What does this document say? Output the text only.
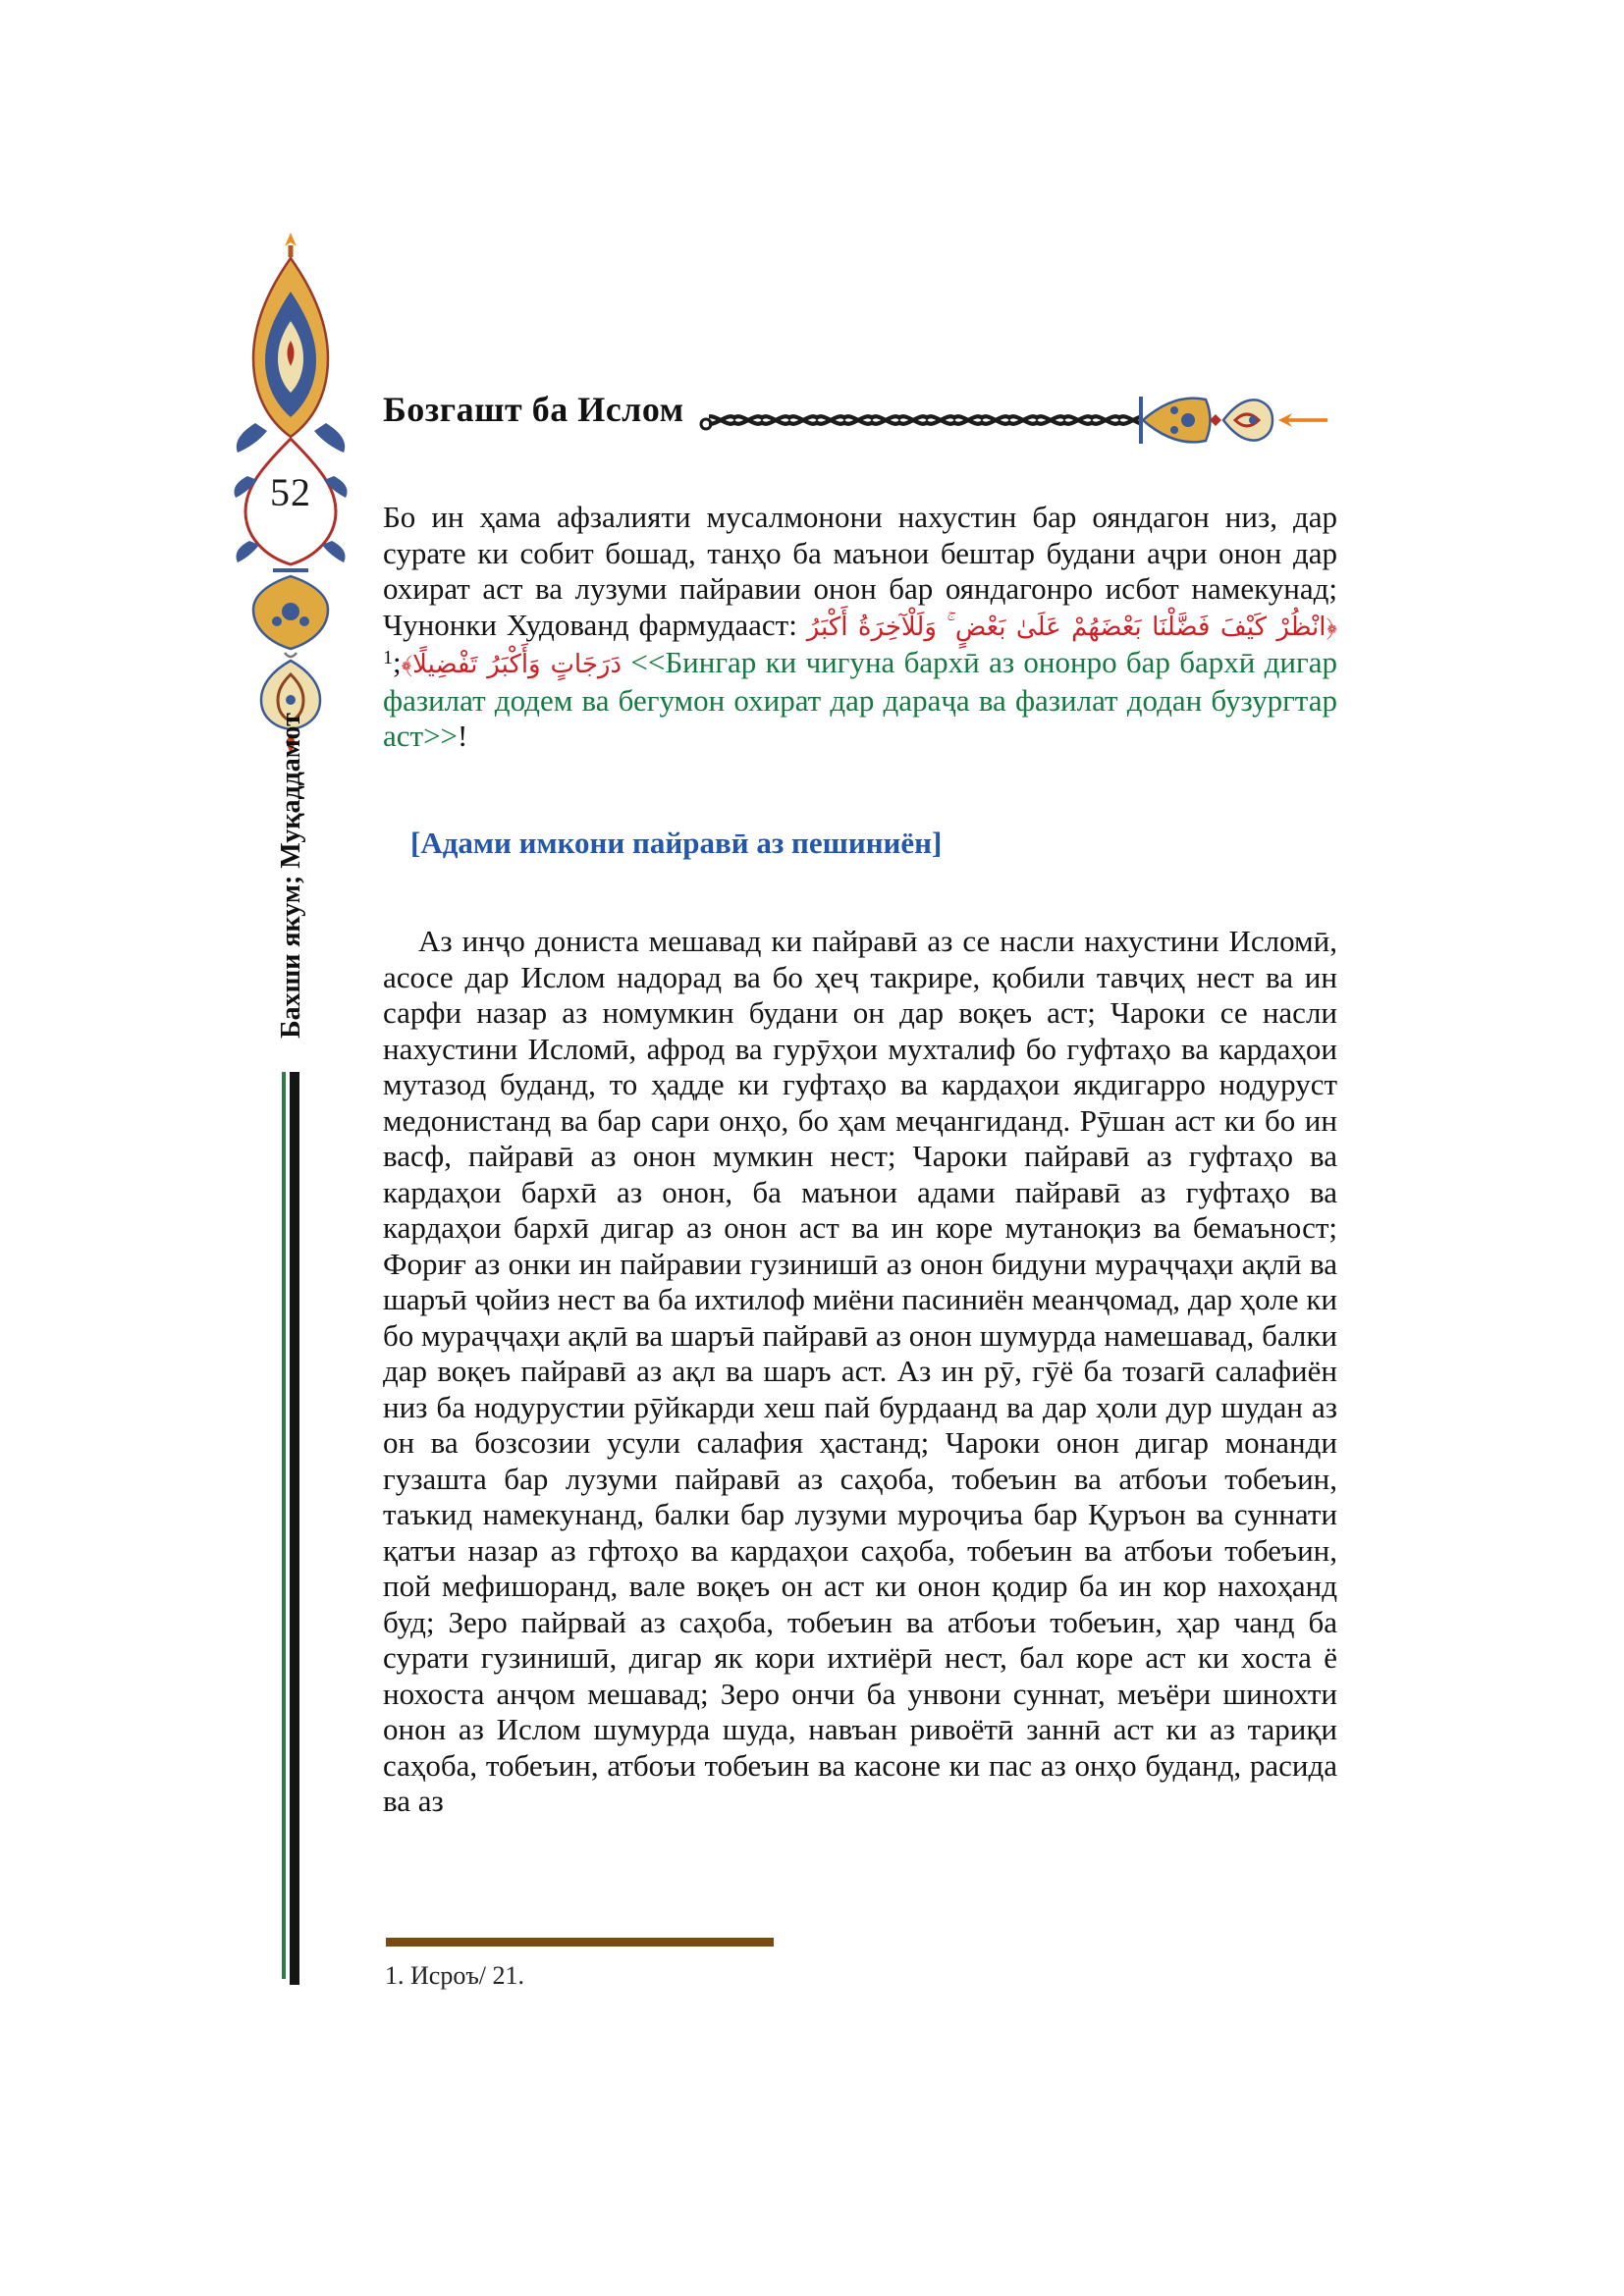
52
Бахши якум; Муқаддамот
Бозгашт ба Ислом

Бо ин ҳама афзалияти мусалмонони нахустин бар ояндагон низ, дар сурате ки собит бошад, танҳо ба маънои бештар будани аҷри онон дар охират аст ва лузуми пайравии онон бар ояндагонро исбот намекунад; Чунонки Худованд фармудааст: ﴿انْظُرْ كَيْفَ فَضَّلْنَا بَعْضَهُمْ عَلَىٰ بَعْضٍ ۚ وَلَلْآخِرَةُ أَكْبَرُ دَرَجَاتٍ وَأَكْبَرُ تَفْضِيلًا﴾;$^1$	<<Бингар ки чигуна бархӣ аз ононро бар бархӣ дигар фазилат додем ва бегумон охират дар дараҷа ва фазилат додан бузургтар аст>>!

[Адами имкони пайравӣ аз пешиниён]

Аз инҷо дониста мешавад ки пайравӣ аз се насли нахустини Исломӣ, асосе дар Ислом надорад ва бо ҳеҷ такрире, қобили тавҷиҳ нест ва ин сарфи назар аз номумкин будани он дар воқеъ аст; Чароки се насли нахустини Исломӣ, афрод ва гурӯҳои мухталиф бо гуфтаҳо ва кардаҳои мутазод буданд, то ҳадде ки гуфтаҳо ва кардаҳои якдигарро нодуруст медонистанд ва бар сари онҳо, бо ҳам меҷангиданд. Рӯшан аст ки бо ин васф, пайравӣ аз онон мумкин нест; Чароки пайравӣ аз гуфтаҳо ва кардаҳои бархӣ аз онон, ба маънои адами пайравӣ аз гуфтаҳо ва кардаҳои бархӣ дигар аз онон аст ва ин коре мутаноқиз ва бемаъност; Фориғ аз онки ин пайравии гузинишӣ аз онон бидуни мураҷҷаҳи ақлӣ ва шаръӣ ҷойиз нест ва ба ихтилоф миёни пасиниён меанҷомад, дар ҳоле ки бо мураҷҷаҳи ақлӣ ва шаръӣ пайравӣ аз онон шумурда намешавад, балки дар воқеъ пайравӣ аз ақл ва шаръ аст. Аз ин рӯ, гӯё ба тозагӣ салафиён низ ба нодурустии рӯйкарди хеш пай бурдаанд ва дар ҳоли дур шудан аз он ва бозсозии усули салафия ҳастанд; Чароки онон дигар монанди гузашта бар лузуми пайравӣ аз саҳоба, тобеъин ва атбоъи тобеъин, таъкид намекунанд, балки бар лузуми муроҷиъа бар Қуръон ва суннати қатъи назар аз гфтоҳо ва кардаҳои саҳоба, тобеъин ва атбоъи тобеъин, пой мефишоранд, вале воқеъ он аст ки онон қодир ба ин кор нахоҳанд буд; Зеро пайрвай аз саҳоба, тобеъин ва атбоъи тобеъин, ҳар чанд ба сурати гузинишӣ, дигар як кори ихтиёрӣ нест, бал коре аст ки хоста ё нохоста анҷом мешавад; Зеро ончи ба унвони суннат, меъёри шинохти онон аз Ислом шумурда шуда, навъан ривоётӣ заннӣ аст ки аз тариқи саҳоба, тобеъин, атбоъи тобеъин ва касоне ки пас аз онҳо буданд, расида ва аз

1. Исроъ/ 21.
